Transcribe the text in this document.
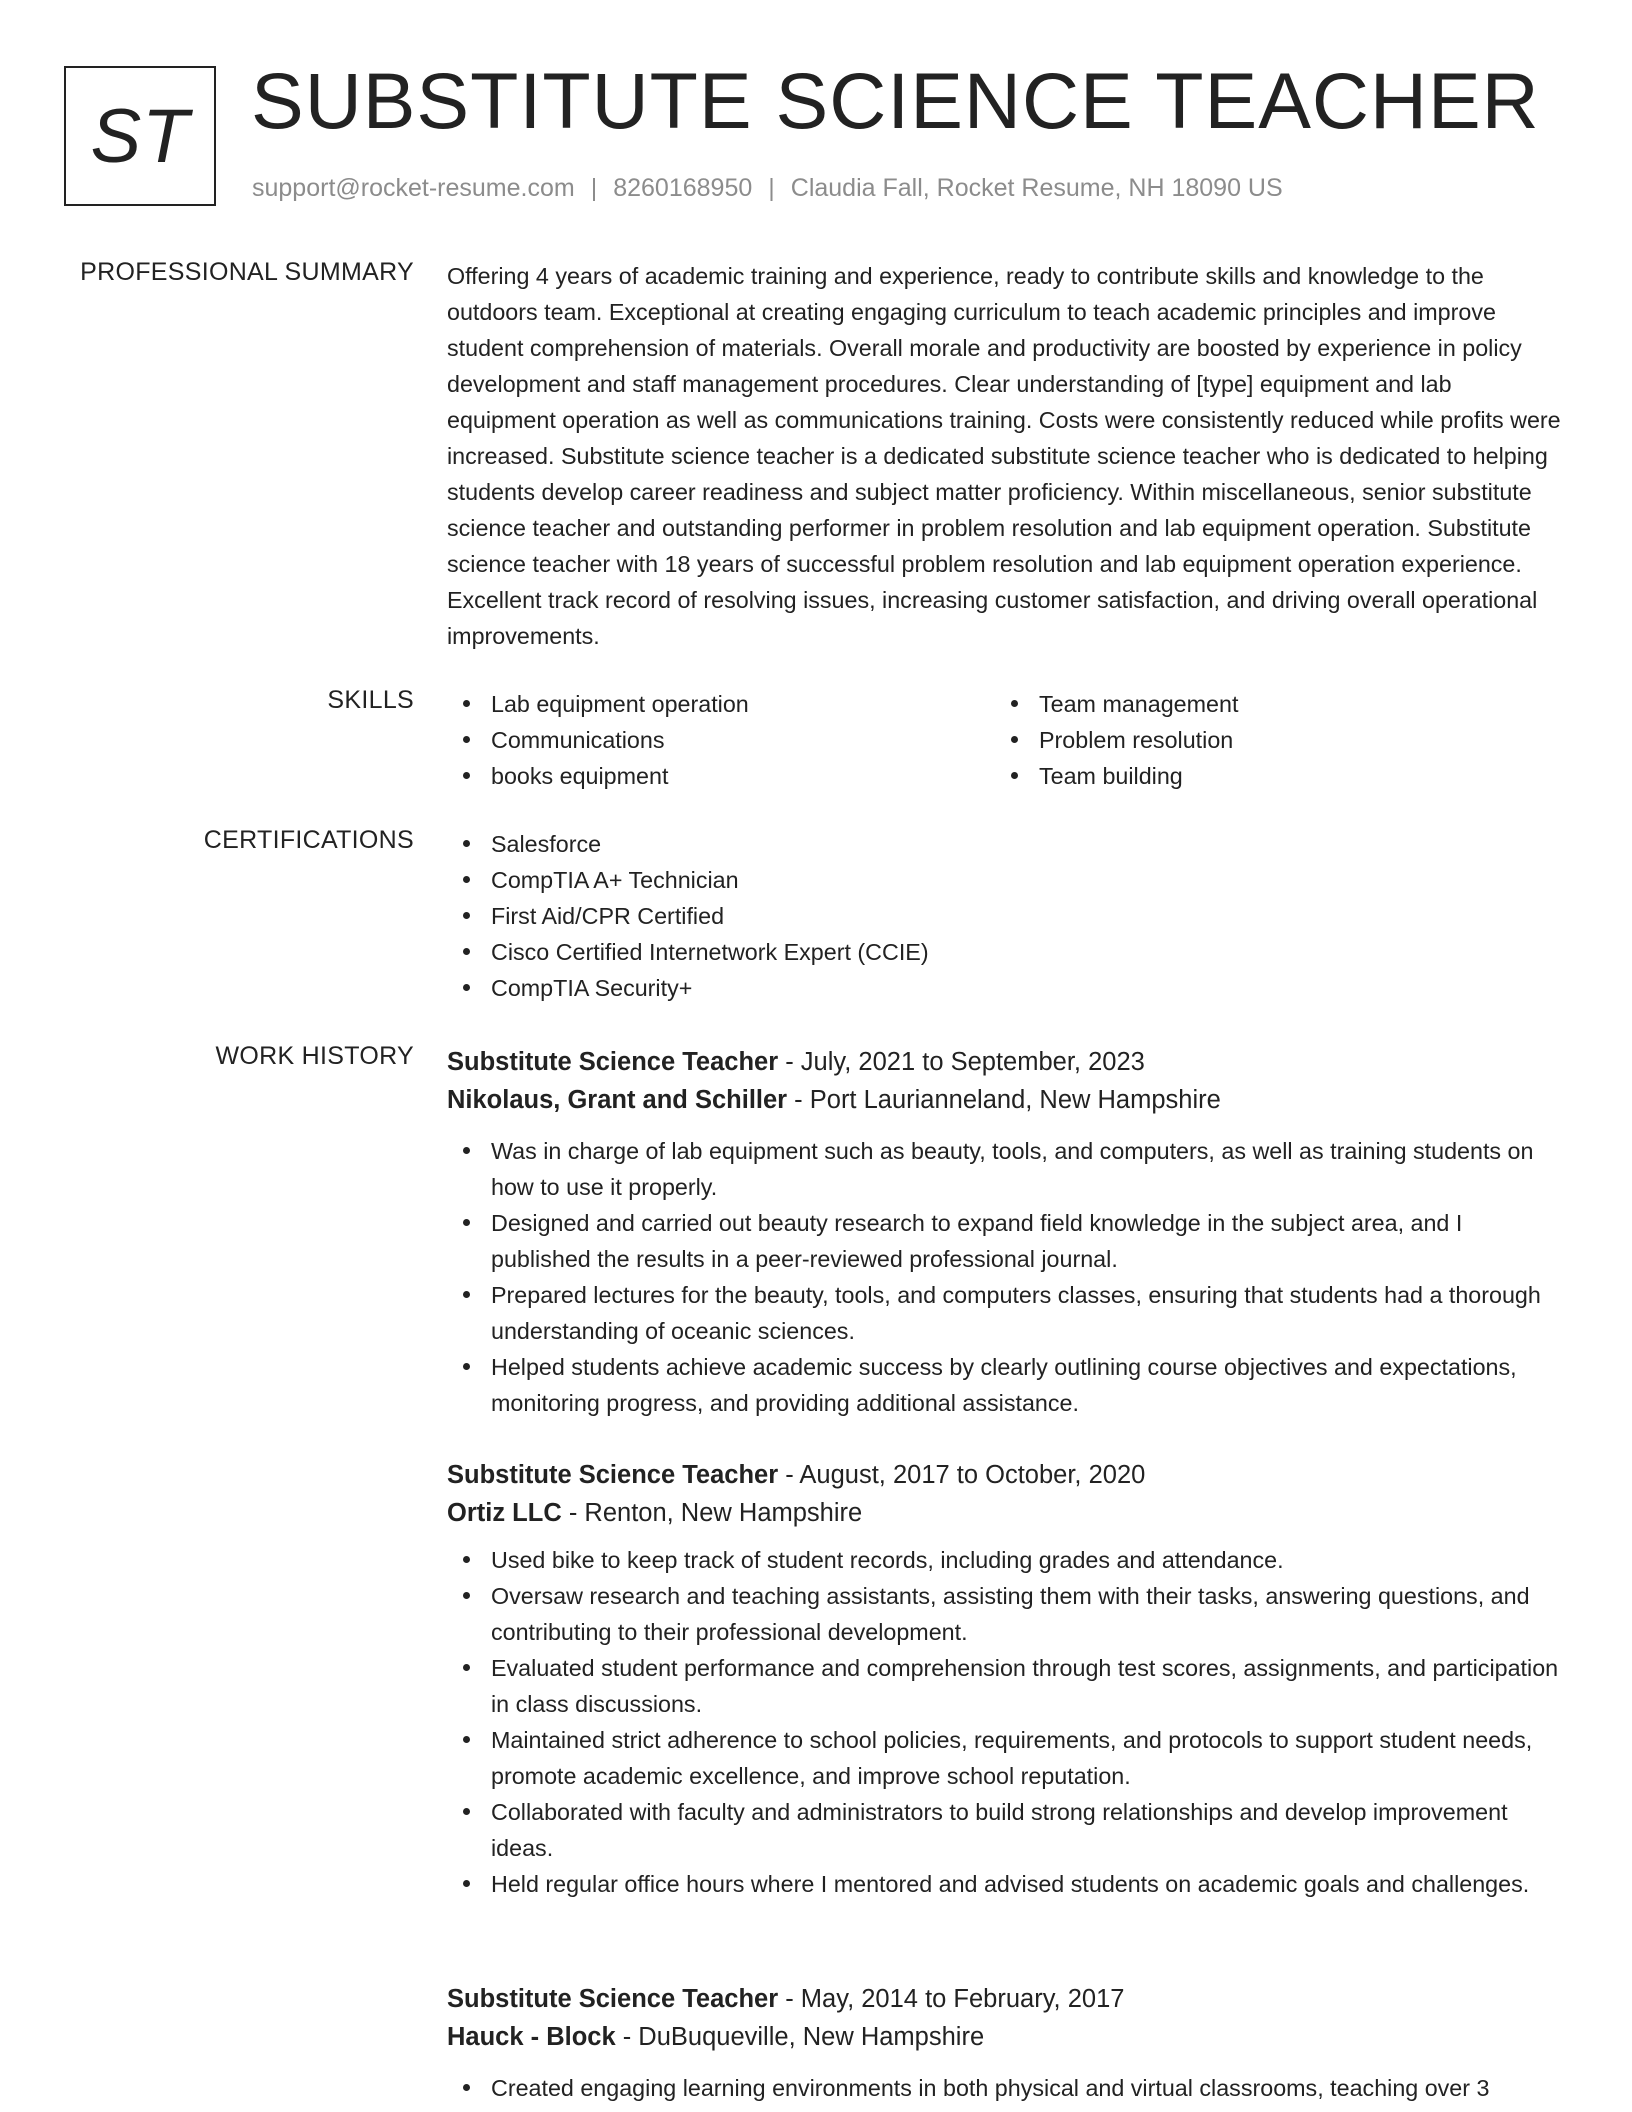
ST SUBSTITUTE SCIENCE TEACHER
support@rocket-resume.com | 8260168950 | Claudia Fall, Rocket Resume, NH 18090 US
PROFESSIONAL SUMMARY Offering 4 years of academic training and experience, ready to contribute skills and knowledge to the outdoors team. Exceptional at creating engaging curriculum to teach academic principles and improve student comprehension of materials. Overall morale and productivity are boosted by experience in policy development and staff management procedures. Clear understanding of [type] equipment and lab equipment operation as well as communications training. Costs were consistently reduced while profits were increased. Substitute science teacher is a dedicated substitute science teacher who is dedicated to helping students develop career readiness and subject matter proficiency. Within miscellaneous, senior substitute science teacher and outstanding performer in problem resolution and lab equipment operation. Substitute science teacher with 18 years of successful problem resolution and lab equipment operation experience. Excellent track record of resolving issues, increasing customer satisfaction, and driving overall operational improvements.
SKILLS	Lab equipment operation
Communications
books equipment
Team management
Problem resolution
Team building
CERTIFICATIONS	Salesforce
CompTIA A+ Technician
First Aid/CPR Certified
Cisco Certified Internetwork Expert (CCIE)
CompTIA Security+
WORK HISTORY Substitute Science Teacher - July, 2021 to September, 2023
Nikolaus, Grant and Schiller - Port Laurianneland, New Hampshire
Was in charge of lab equipment such as beauty, tools, and computers, as well as training students on how to use it properly.
Designed and carried out beauty research to expand field knowledge in the subject area, and I published the results in a peer-reviewed professional journal.
Prepared lectures for the beauty, tools, and computers classes, ensuring that students had a thorough understanding of oceanic sciences.
Helped students achieve academic success by clearly outlining course objectives and expectations, monitoring progress, and providing additional assistance.
Substitute Science Teacher - August, 2017 to October, 2020
Ortiz LLC - Renton, New Hampshire
Used bike to keep track of student records, including grades and attendance.
Oversaw research and teaching assistants, assisting them with their tasks, answering questions, and contributing to their professional development.
Evaluated student performance and comprehension through test scores, assignments, and participation in class discussions.
Maintained strict adherence to school policies, requirements, and protocols to support student needs, promote academic excellence, and improve school reputation.
Collaborated with faculty and administrators to build strong relationships and develop improvement ideas.
Held regular office hours where I mentored and advised students on academic goals and challenges.
Substitute Science Teacher - May, 2014 to February, 2017
Hauck - Block - DuBuqueville, New Hampshire
Created engaging learning environments in both physical and virtual classrooms, teaching over 3
